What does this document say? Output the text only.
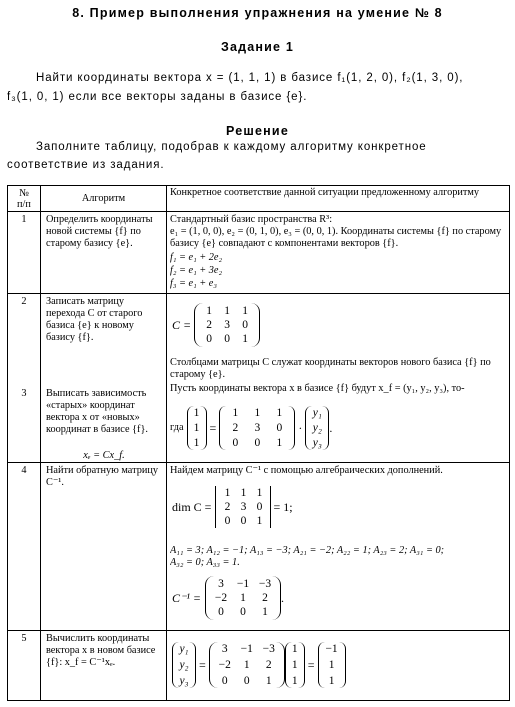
8. Пример выполнения упражнения на умение № 8
Задание 1
Найти координаты вектора x = (1, 1, 1) в базисе f₁(1, 2, 0), f₂(1, 3, 0),
f₃(1, 0, 1) если все векторы заданы в базисе {e}.
Решение
Заполните таблицу, подобрав к каждому алгоритму конкретное
соответствие из задания.
№
п/п
Алгоритм
Конкретное соответствие данной ситуации предложенному алгоритму
1	Определить координаты новой системы {f} по старому базису {e}.
Стандартный базис пространства R³:
e₁ = (1, 0, 0), e₂ = (0, 1, 0), e₃ = (0, 0, 1). Координаты системы {f} по старому базису {e} совпадают с компонентами векторов {f}.
f₁ = e₁ + 2e₂
f₂ = e₁ + 3e₂
f₃ = e₁ + e₃
2	Записать матрицу перехода C от старого базиса {e} к новому базису {f}.
C =
1	1	1
2	3	0
0	0	1
Столбцами матрицы C служат координаты векторов нового базиса {f} по старому {e}.
Пусть координаты вектора x в базисе {f} будут x_f = (y₁, y₂, y₃), то-
3	Выписать зависимость «старых» координат вектора x от «новых» координат в базисе {f}.
xₑ = Cx_f.
гда
1
1
1
=
1	1	1
2	3	0
0	0	1
·
y₁
y₂
y₃
.
4	Найти обратную матрицу C⁻¹.
Найдем матрицу C⁻¹ с помощью алгебраических дополнений.
dim C =
1 1 1
2 3 0
0 0 1
= 1;
A₁₁ = 3; A₁₂ = −1; A₁₃ = −3; A₂₁ = −2; A₂₂ = 1; A₂₃ = 2; A₃₁ = 0;
A₃₂ = 0; A₃₃ = 1.
C⁻¹ =
3	−1 −3
−2	1	2
0	0	1
.
5	Вычислить координаты вектора x в новом базисе {f}: x_f = C⁻¹xₑ.
y₁
y₂
y₃
=
3	−1 −3
−2	1	2
0	0	1
1
1
1
=
−1
1
1
